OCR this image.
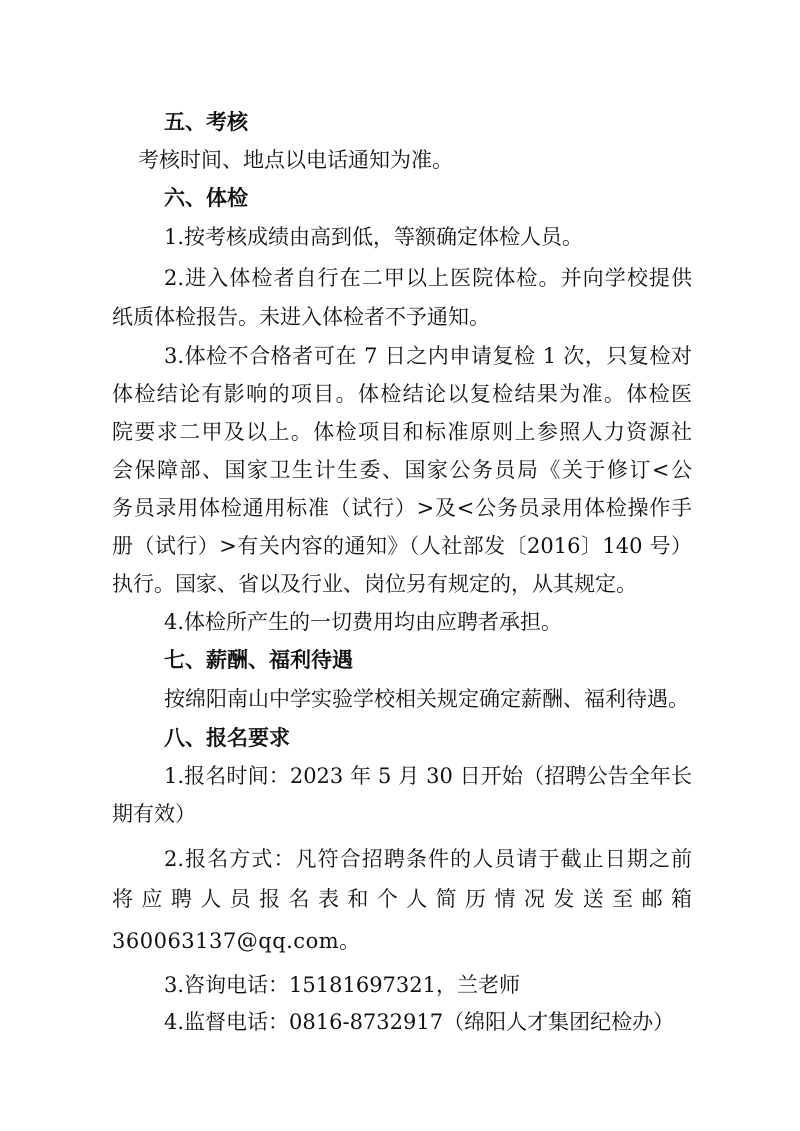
五、考核
考核时间、地点以电话通知为准。
六、体检
1.按考核成绩由高到低，等额确定体检人员。
2.进入体检者自行在二甲以上医院体检。并向学校提供
纸质体检报告。未进入体检者不予通知。
3.体检不合格者可在 7 日之内申请复检 1 次，只复检对
体检结论有影响的项目。体检结论以复检结果为准。体检医
院要求二甲及以上。体检项目和标准原则上参照人力资源社
会保障部、国家卫生计生委、国家公务员局《关于修订<公
务员录用体检通用标准（试行）>及<公务员录用体检操作手
册（试行）>有关内容的通知》（人社部发〔2016〕140 号）
执行。国家、省以及行业、岗位另有规定的，从其规定。
4.体检所产生的一切费用均由应聘者承担。
七、薪酬、福利待遇
按绵阳南山中学实验学校相关规定确定薪酬、福利待遇。
八、报名要求
1.报名时间：2023 年 5 月 30 日开始（招聘公告全年长
期有效）
2.报名方式：凡符合招聘条件的人员请于截止日期之前
将应聘人员报名表和个人简历情况发送至邮箱
360063137@qq.com。
3.咨询电话：15181697321，兰老师
4.监督电话：0816-8732917（绵阳人才集团纪检办）
